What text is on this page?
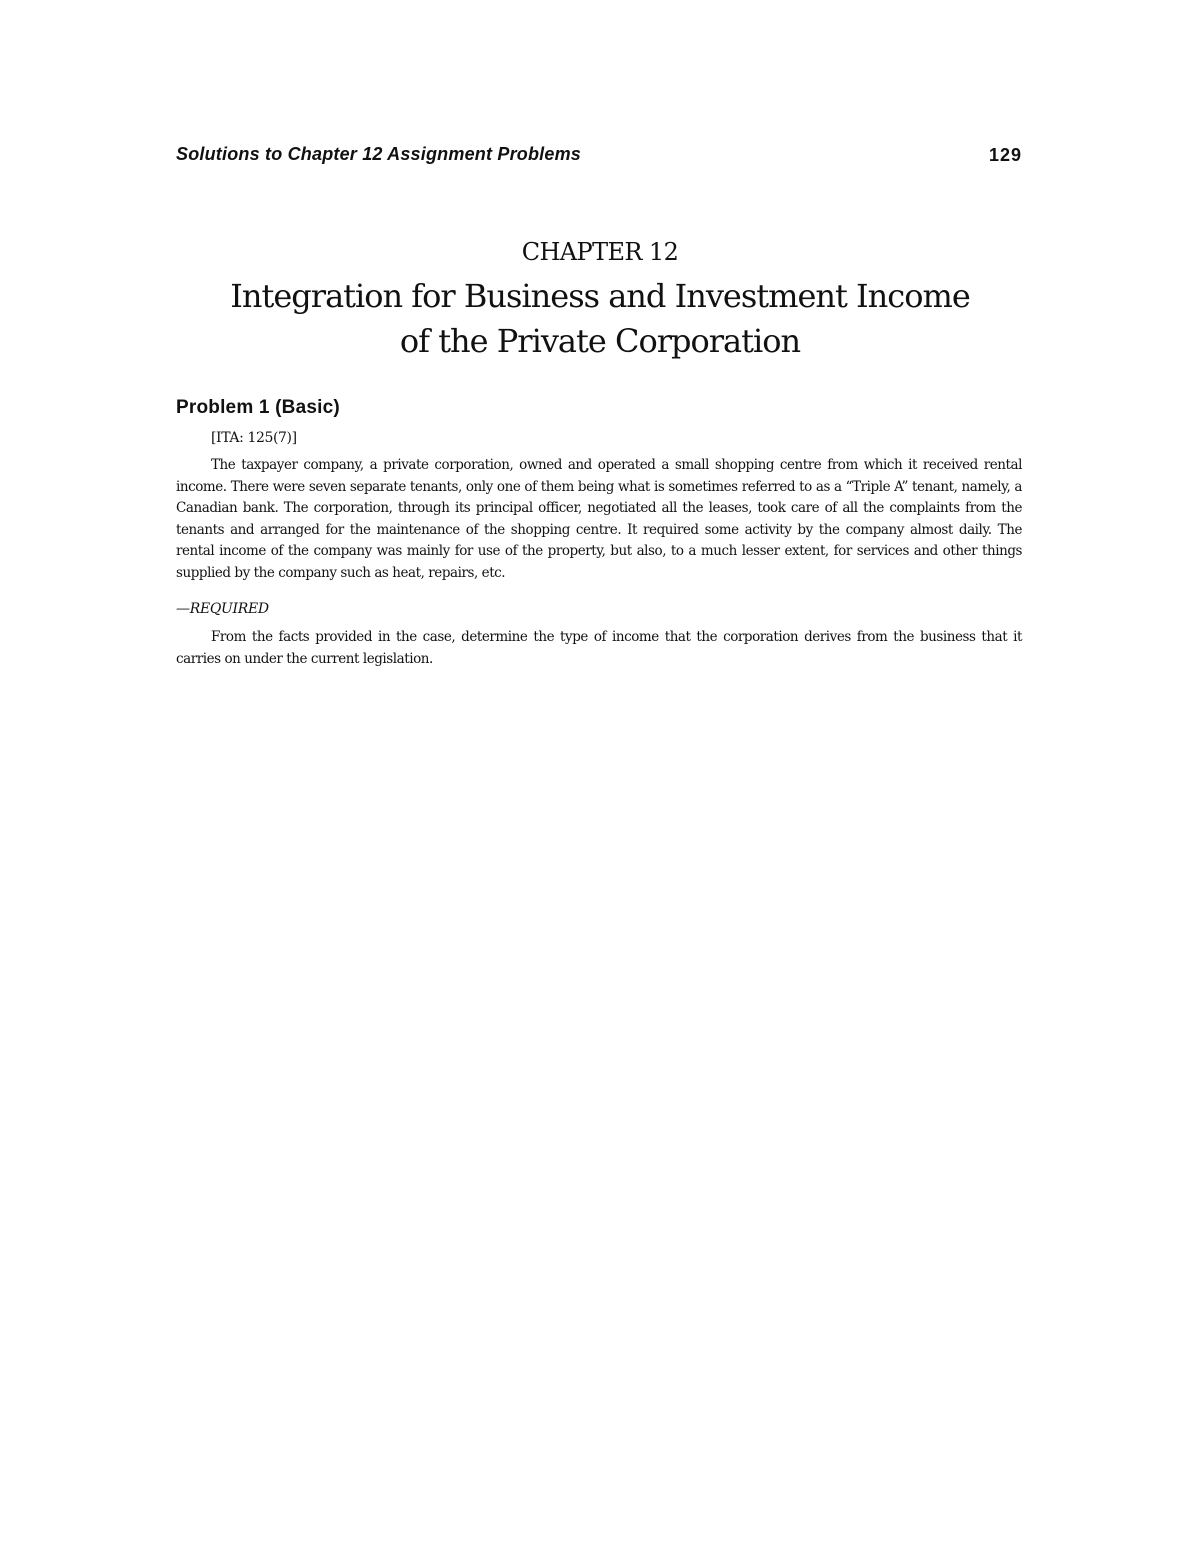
Solutions to Chapter 12 Assignment Problems	129
CHAPTER 12
Integration for Business and Investment Income
of the Private Corporation
Problem 1 (Basic)

[ITA: 125(7)]

The taxpayer company, a private corporation, owned and operated a small shopping centre from which it received rental income. There were seven separate tenants, only one of them being what is sometimes referred to as a “Triple A” tenant, namely, a Canadian bank. The corporation, through its principal officer, negotiated all the leases, took care of all the complaints from the tenants and arranged for the maintenance of the shopping centre. It required some activity by the company almost daily. The rental income of the company was mainly for use of the property, but also, to a much lesser extent, for services and other things supplied by the company such as heat, repairs, etc.

—REQUIRED

From the facts provided in the case, determine the type of income that the corporation derives from the business that it carries on under the current legislation.
